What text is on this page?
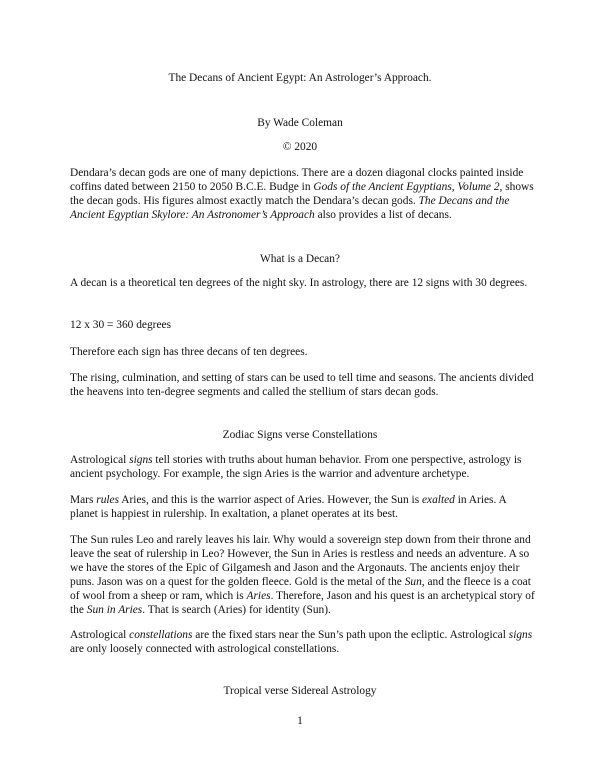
The Decans of Ancient Egypt: An Astrologer’s Approach.
By Wade Coleman
© 2020
Dendara’s decan gods are one of many depictions. There are a dozen diagonal clocks painted inside coffins dated between 2150 to 2050 B.C.E. Budge in Gods of the Ancient Egyptians, Volume 2, shows the decan gods. His figures almost exactly match the Dendara’s decan gods. The Decans and the Ancient Egyptian Skylore: An Astronomer’s Approach also provides a list of decans.
What is a Decan?
A decan is a theoretical ten degrees of the night sky. In astrology, there are 12 signs with 30 degrees.
12 x 30 = 360 degrees
Therefore each sign has three decans of ten degrees.
The rising, culmination, and setting of stars can be used to tell time and seasons. The ancients divided the heavens into ten-degree segments and called the stellium of stars decan gods.
Zodiac Signs verse Constellations
Astrological signs tell stories with truths about human behavior. From one perspective, astrology is ancient psychology. For example, the sign Aries is the warrior and adventure archetype.
Mars rules Aries, and this is the warrior aspect of Aries. However, the Sun is exalted in Aries. A planet is happiest in rulership. In exaltation, a planet operates at its best.
The Sun rules Leo and rarely leaves his lair. Why would a sovereign step down from their throne and leave the seat of rulership in Leo? However, the Sun in Aries is restless and needs an adventure. A so we have the stores of the Epic of Gilgamesh and Jason and the Argonauts. The ancients enjoy their puns. Jason was on a quest for the golden fleece. Gold is the metal of the Sun, and the fleece is a coat of wool from a sheep or ram, which is Aries. Therefore, Jason and his quest is an archetypical story of the Sun in Aries. That is search (Aries) for identity (Sun).
Astrological constellations are the fixed stars near the Sun’s path upon the ecliptic. Astrological signs are only loosely connected with astrological constellations.
Tropical verse Sidereal Astrology
1
